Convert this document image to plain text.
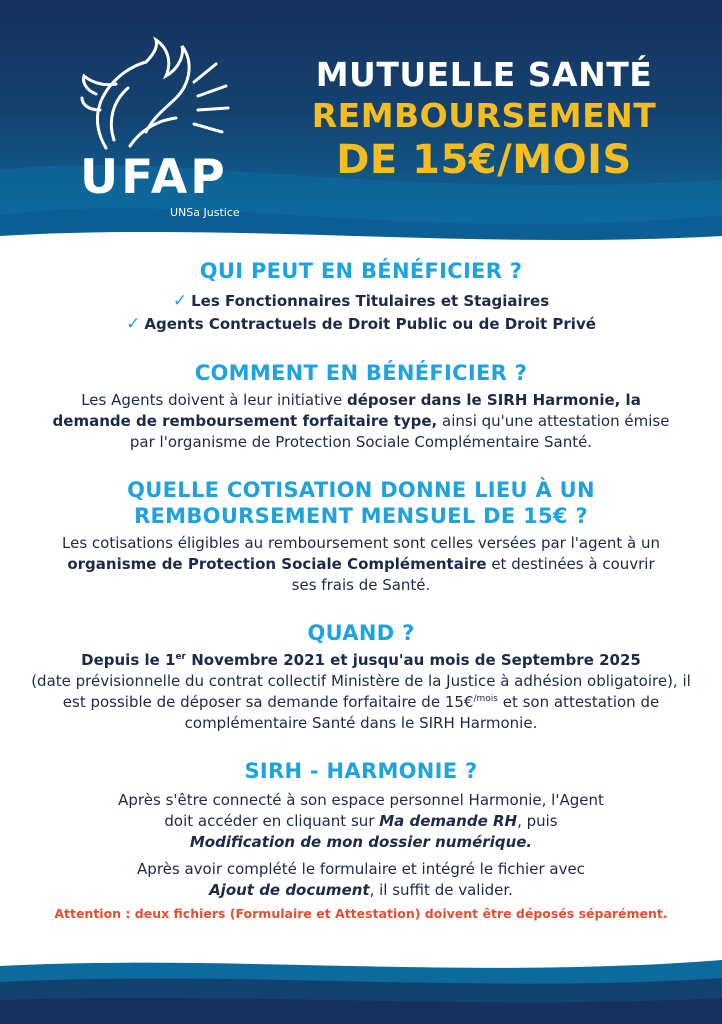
UFAP
UNSa Justice
MUTUELLE SANTÉ
REMBOURSEMENT
DE 15€/MOIS
QUI PEUT EN BÉNÉFICIER ?
✓ Les Fonctionnaires Titulaires et Stagiaires
✓ Agents Contractuels de Droit Public ou de Droit Privé
COMMENT EN BÉNÉFICIER ?
Les Agents doivent à leur initiative déposer dans le SIRH Harmonie, la demande de remboursement forfaitaire type, ainsi qu'une attestation émise par l'organisme de Protection Sociale Complémentaire Santé.
QUELLE COTISATION DONNE LIEU À UN
REMBOURSEMENT MENSUEL DE 15€ ?
Les cotisations éligibles au remboursement sont celles versées par l'agent à un organisme de Protection Sociale Complémentaire et destinées à couvrir ses frais de Santé.
QUAND ?
Depuis le 1er Novembre 2021 et jusqu'au mois de Septembre 2025
(date prévisionnelle du contrat collectif Ministère de la Justice à adhésion obligatoire), il est possible de déposer sa demande forfaitaire de 15€$^{/mois}$ et son attestation de complémentaire Santé dans le SIRH Harmonie.
SIRH - HARMONIE ?
Après s'être connecté à son espace personnel Harmonie, l'Agent doit accéder en cliquant sur Ma demande RH, puis Modification de mon dossier numérique.
Après avoir complété le formulaire et intégré le fichier avec Ajout de document, il suffit de valider.
Attention : deux fichiers (Formulaire et Attestation) doivent être déposés séparément.
